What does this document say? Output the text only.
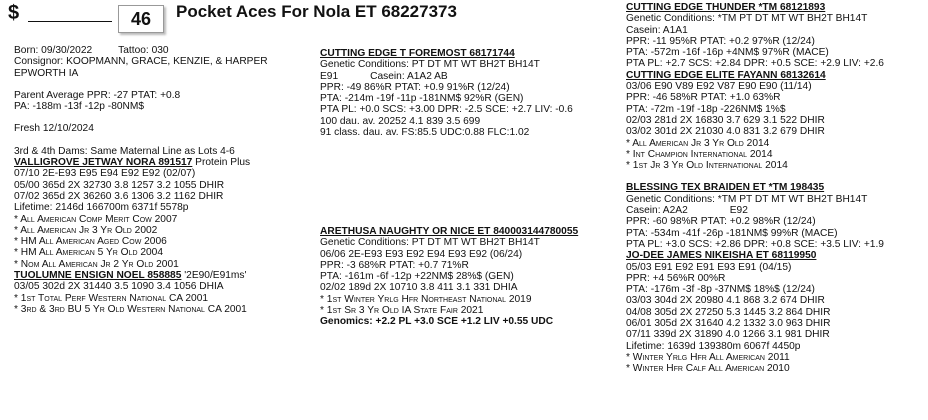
$	46	Pocket Aces For Nola ET 68227373
Born: 09/30/2022	Tattoo: 030
Consignor: KOOPMANN, GRACE, KENZIE, & HARPER
EPWORTH IA
Parent Average PPR: -27 PTAT: +0.8
PA: -188m -13f -12p -80NM$
Fresh 12/10/2024
3rd & 4th Dams: Same Maternal Line as Lots 4-6
VALLIGROVE JETWAY NORA 891517 Protein Plus
07/10 2E-E93 E95 E94 E92 E92 (02/07)
05/00 365d 2X 32730 3.8 1257 3.2 1055 DHIR
07/02 365d 2X 36260 3.6 1306 3.2 1162 DHIR
Lifetime: 2146d 166700m 6371f 5578p
* All American Comp Merit Cow 2007
* All American Jr 3 Yr Old 2002
* HM All American Aged Cow 2006
* HM All American 5 Yr Old 2004
* Nom All American Jr 2 Yr Old 2001
TUOLUMNE ENSIGN NOEL 858885 '2E90/E91ms'
03/05 302d 2X 31440 3.5 1090 3.4 1056 DHIA
* 1st Total Perf Western National CA 2001
* 3rd & 3rd BU 5 Yr Old Western National CA 2001
CUTTING EDGE T FOREMOST 68171744
Genetic Conditions: PT DT MT WT BH2T BH14T
E91	Casein: A1A2 AB
PPR: -49 86%R PTAT: +0.9 91%R (12/24)
PTA: -214m -19f -11p -181NM$ 92%R (GEN)
PTA PL: +0.0 SCS: +3.00 DPR: -2.5 SCE: +2.7 LIV: -0.6
100 dau. av. 20252 4.1 839 3.5 699
91 class. dau. av. FS:85.5 UDC:0.88 FLC:1.02
ARETHUSA NAUGHTY OR NICE ET 840003144780055
Genetic Conditions: PT DT MT WT BH2T BH14T
06/06 2E-E93 E93 E92 E94 E93 E92 (06/24)
PPR: -3 68%R PTAT: +0.7 71%R
PTA: -161m -6f -12p +22NM$ 28%$ (GEN)
02/02 189d 2X 10710 3.8 411 3.1 331 DHIA
* 1st Winter Yrlg Hfr Northeast National 2019
* 1st Sr 3 Yr Old IA State Fair 2021
Genomics: +2.2 PL +3.0 SCE +1.2 LIV +0.55 UDC
CUTTING EDGE THUNDER *TM 68121893
Genetic Conditions: *TM PT DT MT WT BH2T BH14T
Casein: A1A1
PPR: -11 95%R PTAT: +0.2 97%R (12/24)
PTA: -572m -16f -16p +4NM$ 97%R (MACE)
PTA PL: +2.7 SCS: +2.84 DPR: +0.5 SCE: +2.9 LIV: +2.6
CUTTING EDGE ELITE FAYANN 68132614
03/06 E90 V89 E92 V87 E90 E90 (11/14)
PPR: -46 58%R PTAT: +1.0 63%R
PTA: -72m -19f -18p -226NM$ 1%$
02/03 281d 2X 16830 3.7 629 3.1 522 DHIR
03/02 301d 2X 21030 4.0 831 3.2 679 DHIR
* All American Jr 3 Yr Old 2014
* Int Champion International 2014
* 1st Jr 3 Yr Old International 2014
BLESSING TEX BRAIDEN ET *TM 198435
Genetic Conditions: *TM PT DT MT WT BH2T BH14T
Casein: A2A2	E92
PPR: -60 98%R PTAT: +0.2 98%R (12/24)
PTA: -534m -41f -26p -181NM$ 99%R (MACE)
PTA PL: +3.0 SCS: +2.86 DPR: +0.8 SCE: +3.5 LIV: +1.9
JO-DEE JAMES NIKEISHA ET 68119950
05/03 E91 E92 E91 E93 E91 (04/15)
PPR: +4 56%R 00%R
PTA: -176m -3f -8p -37NM$ 18%$ (12/24)
03/03 304d 2X 20980 4.1 868 3.2 674 DHIR
04/08 305d 2X 27250 5.3 1445 3.2 864 DHIR
06/01 305d 2X 31640 4.2 1332 3.0 963 DHIR
07/11 339d 2X 31890 4.0 1266 3.1 981 DHIR
Lifetime: 1639d 139380m 6067f 4450p
* Winter Yrlg Hfr All American 2011
* Winter Hfr Calf All American 2010
